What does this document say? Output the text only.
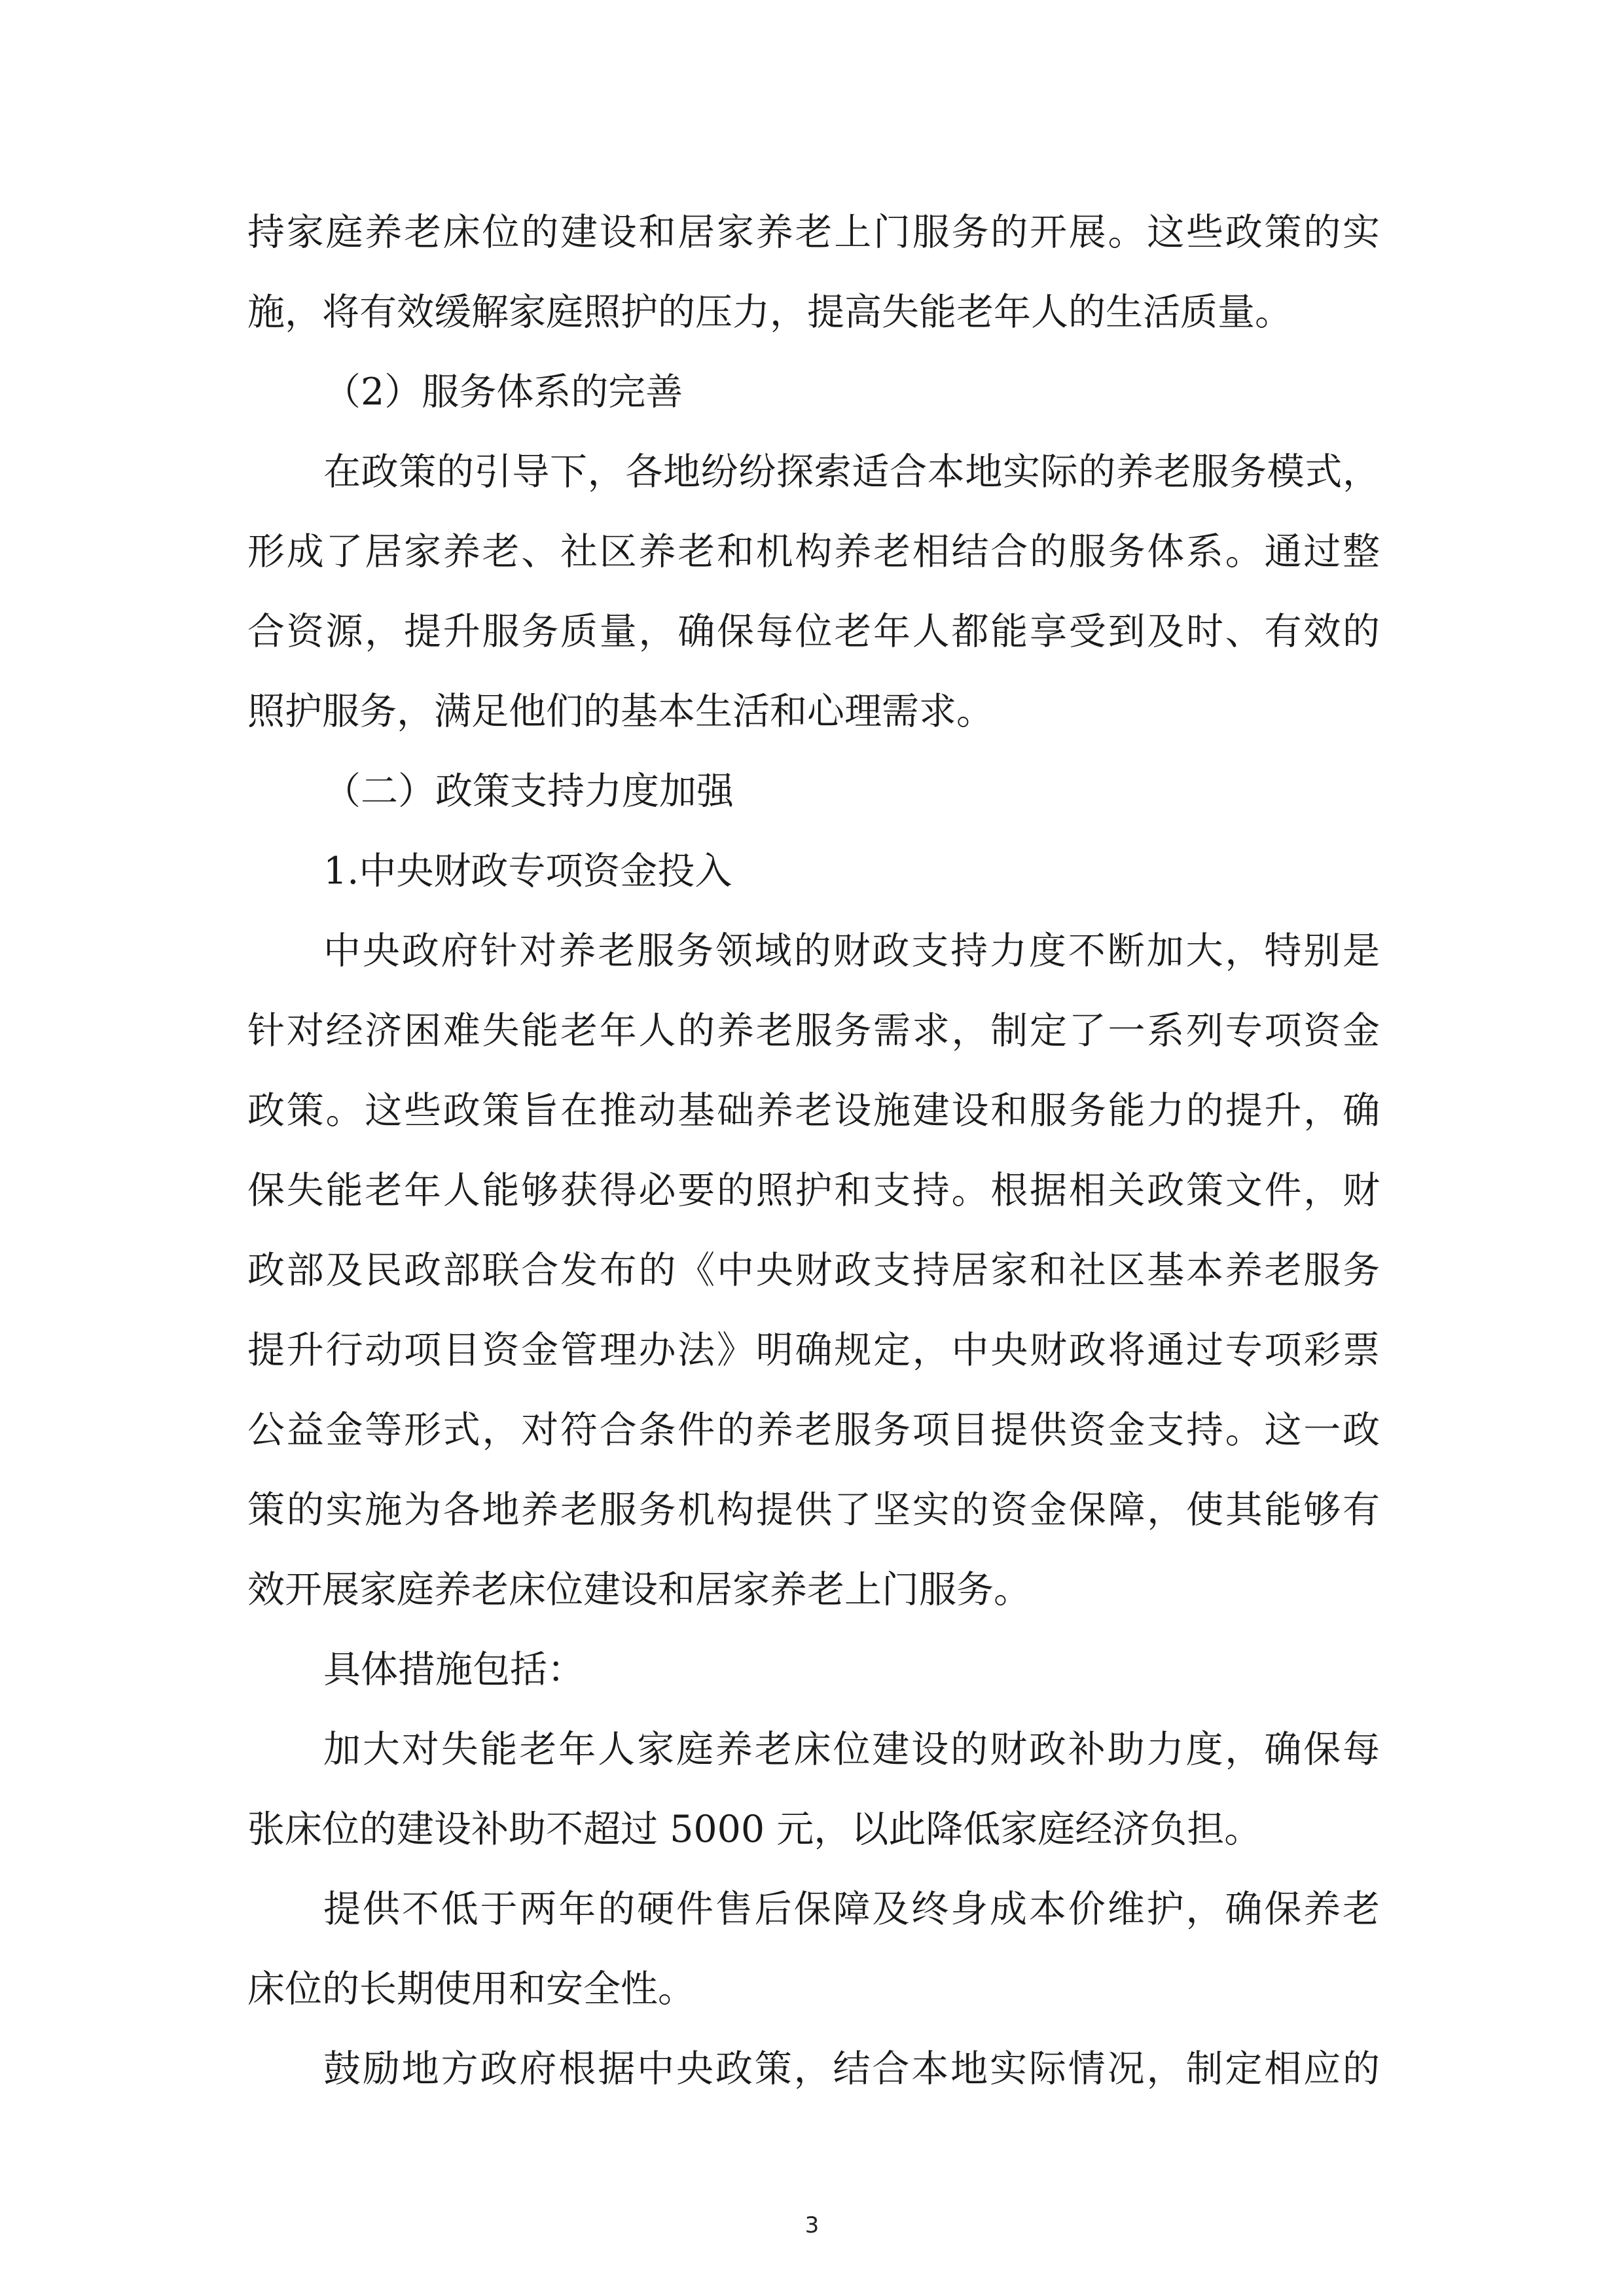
持家庭养老床位的建设和居家养老上门服务的开展。这些政策的实
施，将有效缓解家庭照护的压力，提高失能老年人的生活质量。
（2）服务体系的完善
在政策的引导下，各地纷纷探索适合本地实际的养老服务模式，
形成了居家养老、社区养老和机构养老相结合的服务体系。通过整
合资源，提升服务质量，确保每位老年人都能享受到及时、有效的
照护服务，满足他们的基本生活和心理需求。
（二）政策支持力度加强
1.中央财政专项资金投入
中央政府针对养老服务领域的财政支持力度不断加大，特别是
针对经济困难失能老年人的养老服务需求，制定了一系列专项资金
政策。这些政策旨在推动基础养老设施建设和服务能力的提升，确
保失能老年人能够获得必要的照护和支持。根据相关政策文件，财
政部及民政部联合发布的《中央财政支持居家和社区基本养老服务
提升行动项目资金管理办法》明确规定，中央财政将通过专项彩票
公益金等形式，对符合条件的养老服务项目提供资金支持。这一政
策的实施为各地养老服务机构提供了坚实的资金保障，使其能够有
效开展家庭养老床位建设和居家养老上门服务。
具体措施包括：
加大对失能老年人家庭养老床位建设的财政补助力度，确保每
张床位的建设补助不超过 5000 元，以此降低家庭经济负担。
提供不低于两年的硬件售后保障及终身成本价维护，确保养老
床位的长期使用和安全性。
鼓励地方政府根据中央政策，结合本地实际情况，制定相应的
3
